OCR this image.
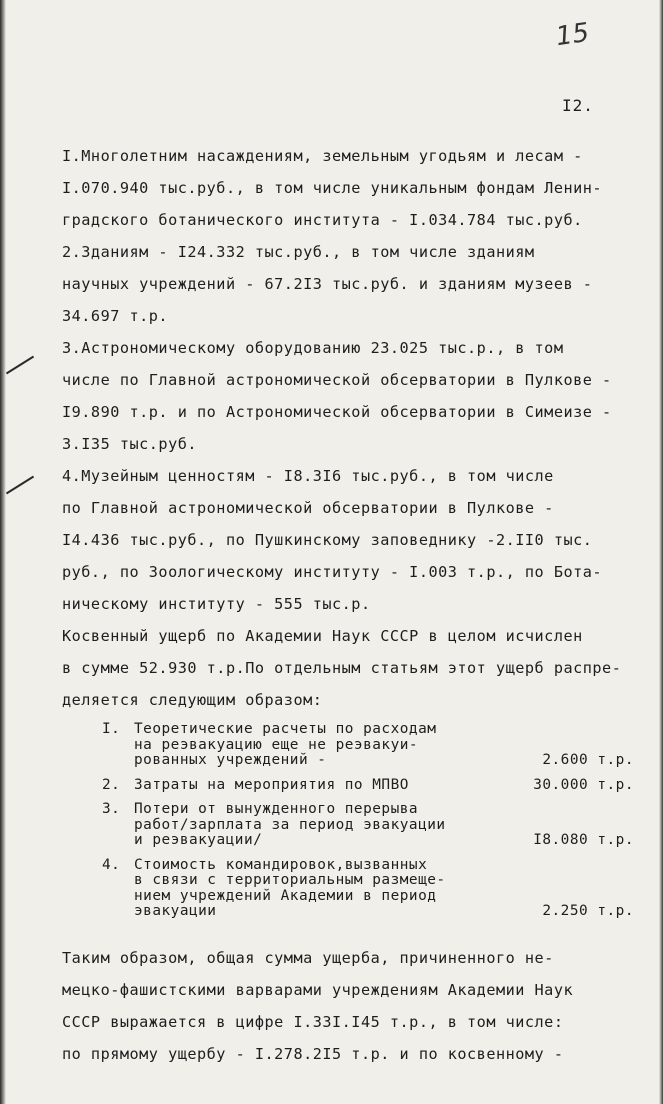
15
I2.

I.Многолетним насаждениям, земельным угодьям и лесам -

I.070.940 тыс.руб., в том числе уникальным фондам Ленин-

градского ботанического института - I.034.784 тыс.руб.

2.Зданиям - I24.332 тыс.руб., в том числе зданиям

научных учреждений - 67.2I3 тыс.руб. и зданиям музеев -

34.697 т.р.

3.Астрономическому оборудованию 23.025 тыс.р., в том

числе по Главной астрономической обсерватории в Пулкове -

I9.890 т.р. и по Астрономической обсерватории в Симеизе -

3.I35 тыс.руб.

4.Музейным ценностям - I8.3I6 тыс.руб., в том числе

по Главной астрономической обсерватории в Пулкове -

I4.436 тыс.руб., по Пушкинскому заповеднику -2.II0 тыс.

руб., по Зоологическому институту - I.003 т.р., по Бота-

ническому институту - 555 тыс.р.

Косвенный ущерб по Академии Наук СССР в целом исчислен

в сумме 52.930 т.р.По отдельным статьям этот ущерб распре-

деляется следующим образом:

I. Теоретические расчеты по расходам
на реэвакуацию еще не реэвакуи-
рованных учреждений -	2.600 т.р.
2. Затраты на мероприятия по МПВО	30.000 т.р.
3. Потери от вынужденного перерыва
работ/зарплата за период эвакуации
и реэвакуации/	I8.080 т.р.
4. Стоимость командировок,вызванных
в связи с территориальным размеще-
нием учреждений Академии в период
эвакуации	2.250 т.р.

Таким образом, общая сумма ущерба, причиненного не-

мецко-фашистскими варварами учреждениям Академии Наук

СССР выражается в цифре I.33I.I45 т.р., в том числе:

по прямому ущербу - I.278.2I5 т.р. и по косвенному -
